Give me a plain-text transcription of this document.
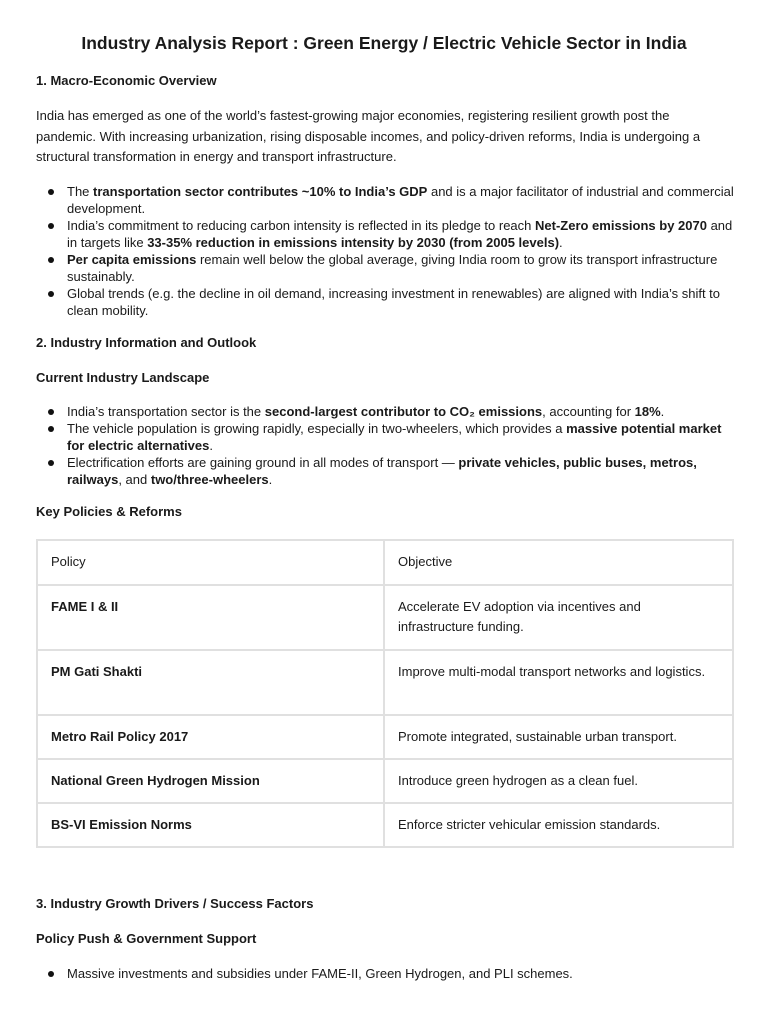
Industry Analysis Report : Green Energy / Electric Vehicle Sector in India
1. Macro-Economic Overview

India has emerged as one of the world’s fastest-growing major economies, registering resilient growth post the pandemic. With increasing urbanization, rising disposable incomes, and policy-driven reforms, India is undergoing a structural transformation in energy and transport infrastructure.

The transportation sector contributes ~10% to India’s GDP and is a major facilitator of industrial and commercial development.
India’s commitment to reducing carbon intensity is reflected in its pledge to reach Net-Zero emissions by 2070 and in targets like 33-35% reduction in emissions intensity by 2030 (from 2005 levels).
Per capita emissions remain well below the global average, giving India room to grow its transport infrastructure sustainably.
Global trends (e.g. the decline in oil demand, increasing investment in renewables) are aligned with India’s shift to clean mobility.
2. Industry Information and Outlook
Current Industry Landscape
India’s transportation sector is the second-largest contributor to CO₂ emissions, accounting for 18%.
The vehicle population is growing rapidly, especially in two-wheelers, which provides a massive potential market for electric alternatives.
Electrification efforts are gaining ground in all modes of transport — private vehicles, public buses, metros, railways, and two/three-wheelers.
Key Policies & Reforms
Policy	Objective
FAME I & II	Accelerate EV adoption via incentives and infrastructure funding.
PM Gati Shakti	Improve multi-modal transport networks and logistics.
Metro Rail Policy 2017	Promote integrated, sustainable urban transport.
National Green Hydrogen Mission	Introduce green hydrogen as a clean fuel.
BS-VI Emission Norms	Enforce stricter vehicular emission standards.
3. Industry Growth Drivers / Success Factors
Policy Push & Government Support
Massive investments and subsidies under FAME-II, Green Hydrogen, and PLI schemes.
